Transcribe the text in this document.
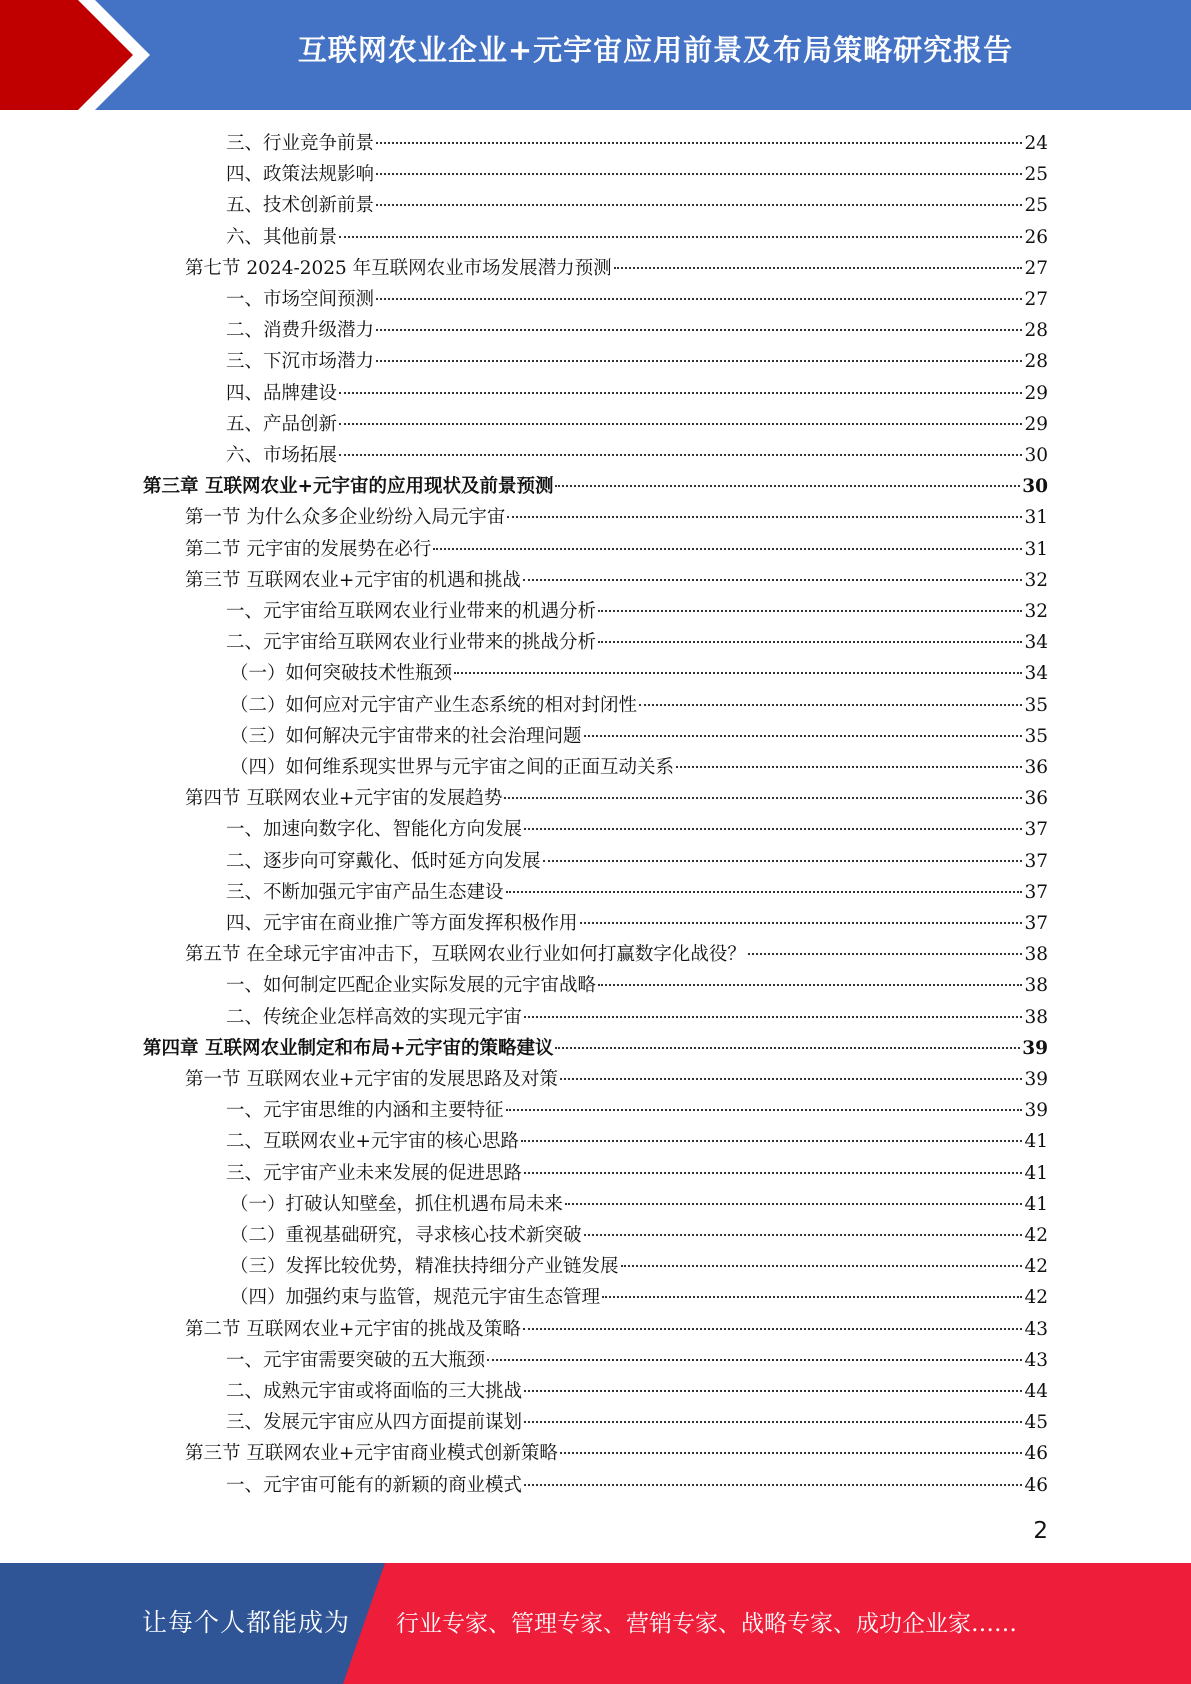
互联网农业企业+元宇宙应用前景及布局策略研究报告
三、行业竞争前景	24
四、政策法规影响	25
五、技术创新前景	25
六、其他前景	26
第七节 2024-2025 年互联网农业市场发展潜力预测	27
一、市场空间预测	27
二、消费升级潜力	28
三、下沉市场潜力	28
四、品牌建设	29
五、产品创新	29
六、市场拓展	30
第三章 互联网农业+元宇宙的应用现状及前景预测	30
第一节 为什么众多企业纷纷入局元宇宙	31
第二节 元宇宙的发展势在必行	31
第三节 互联网农业+元宇宙的机遇和挑战	32
一、元宇宙给互联网农业行业带来的机遇分析	32
二、元宇宙给互联网农业行业带来的挑战分析	34
（一）如何突破技术性瓶颈	34
（二）如何应对元宇宙产业生态系统的相对封闭性	35
（三）如何解决元宇宙带来的社会治理问题	35
（四）如何维系现实世界与元宇宙之间的正面互动关系	36
第四节 互联网农业+元宇宙的发展趋势	36
一、加速向数字化、智能化方向发展	37
二、逐步向可穿戴化、低时延方向发展	37
三、不断加强元宇宙产品生态建设	37
四、元宇宙在商业推广等方面发挥积极作用	37
第五节 在全球元宇宙冲击下，互联网农业行业如何打赢数字化战役？	38
一、如何制定匹配企业实际发展的元宇宙战略	38
二、传统企业怎样高效的实现元宇宙	38
第四章 互联网农业制定和布局+元宇宙的策略建议	39
第一节 互联网农业+元宇宙的发展思路及对策	39
一、元宇宙思维的内涵和主要特征	39
二、互联网农业+元宇宙的核心思路	41
三、元宇宙产业未来发展的促进思路	41
（一）打破认知壁垒，抓住机遇布局未来	41
（二）重视基础研究，寻求核心技术新突破	42
（三）发挥比较优势，精准扶持细分产业链发展	42
（四）加强约束与监管，规范元宇宙生态管理	42
第二节 互联网农业+元宇宙的挑战及策略	43
一、元宇宙需要突破的五大瓶颈	43
二、成熟元宇宙或将面临的三大挑战	44
三、发展元宇宙应从四方面提前谋划	45
第三节 互联网农业+元宇宙商业模式创新策略	46
一、元宇宙可能有的新颖的商业模式	46
2
让每个人都能成为 行业专家、管理专家、营销专家、战略专家、成功企业家……
